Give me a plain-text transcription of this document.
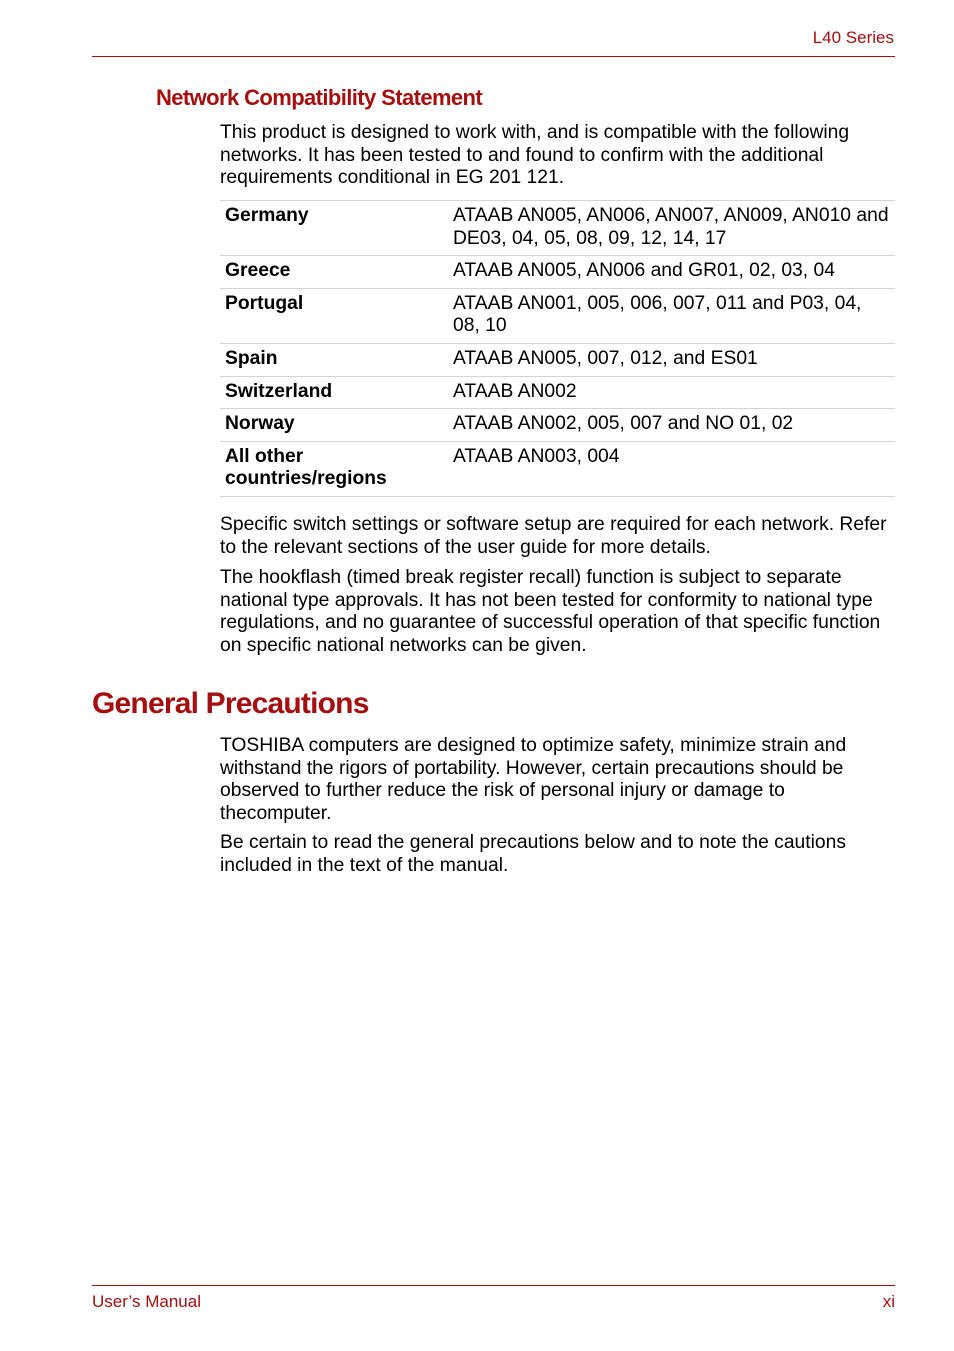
L40 Series
Network Compatibility Statement

This product is designed to work with, and is compatible with the following networks. It has been tested to and found to confirm with the additional requirements conditional in EG 201 121.

Germany	ATAAB AN005, AN006, AN007, AN009, AN010 and DE03, 04, 05, 08, 09, 12, 14, 17
Greece	ATAAB AN005, AN006 and GR01, 02, 03, 04
Portugal	ATAAB AN001, 005, 006, 007, 011 and P03, 04, 08, 10
Spain	ATAAB AN005, 007, 012, and ES01
Switzerland	ATAAB AN002
Norway	ATAAB AN002, 005, 007 and NO 01, 02
All other countries/regions	ATAAB AN003, 004

Specific switch settings or software setup are required for each network. Refer to the relevant sections of the user guide for more details.

The hookflash (timed break register recall) function is subject to separate national type approvals. It has not been tested for conformity to national type regulations, and no guarantee of successful operation of that specific function on specific national networks can be given.

General Precautions

TOSHIBA computers are designed to optimize safety, minimize strain and withstand the rigors of portability. However, certain precautions should be observed to further reduce the risk of personal injury or damage to thecomputer.

Be certain to read the general precautions below and to note the cautions included in the text of the manual.

User’s Manual	xi
